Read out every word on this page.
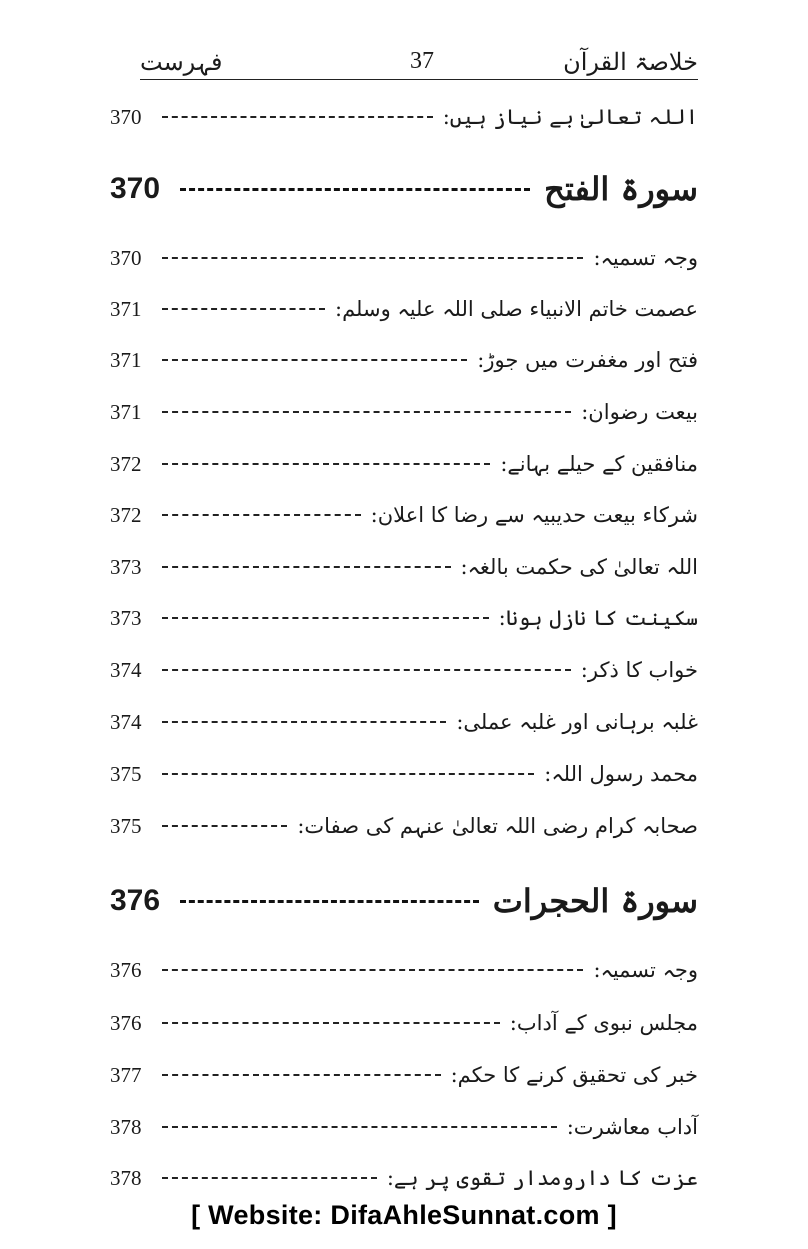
فہرست	37	خلاصۃ القرآن
370	اللہ تعالیٰ بے نیاز ہیں:
370	سورۃ الفتح
370	وجہ تسمیہ:
371	عصمت خاتم الانبیاء صلی اللہ علیہ وسلم:
371	فتح اور مغفرت میں جوڑ:
371	بیعت رضوان:
372	منافقین کے حیلے بہانے:
372	شرکاء بیعت حدیبیہ سے رضا کا اعلان:
373	اللہ تعالیٰ کی حکمت بالغہ:
373	سکینت کا نازل ہونا:
374	خواب کا ذکر:
374	غلبہ برہانی اور غلبہ عملی:
375	محمد رسول اللہ:
375	صحابہ کرام رضی اللہ تعالیٰ عنہم کی صفات:
376	سورۃ الحجرات
376	وجہ تسمیہ:
376	مجلس نبوی کے آداب:
377	خبر کی تحقیق کرنے کا حکم:
378	آداب معاشرت:
378	عزت کا دارومدار تقوی پر ہے:
[ Website: DifaAhleSunnat.com ]
